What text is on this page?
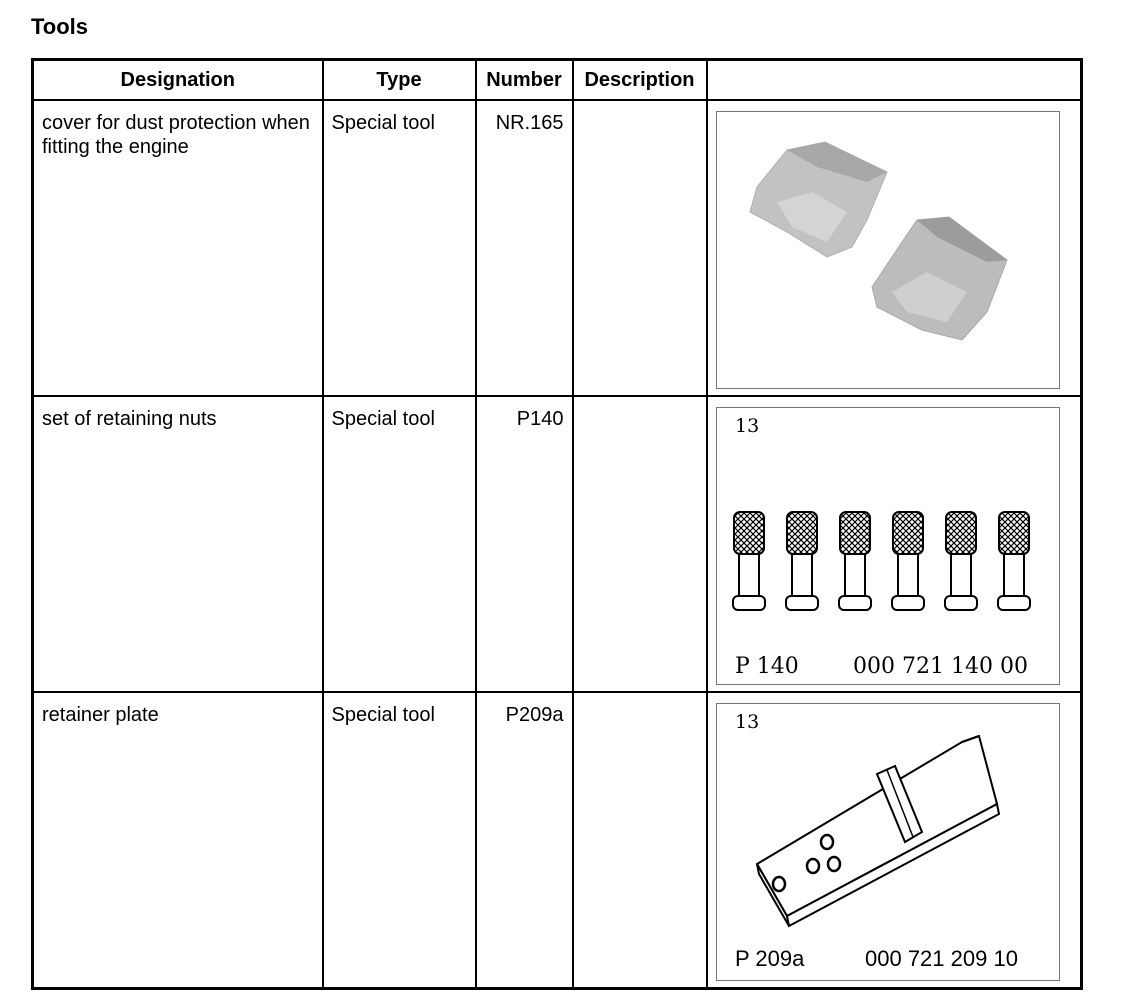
Tools
Designation	Type	Number	Description	
cover for dust protection when fitting the engine	Special tool	NR.165		

set of retaining nuts	Special tool	P140		13
P 140 000 721 140 00

retainer plate	Special tool	P209a		13
P 209a 000 721 209 10
